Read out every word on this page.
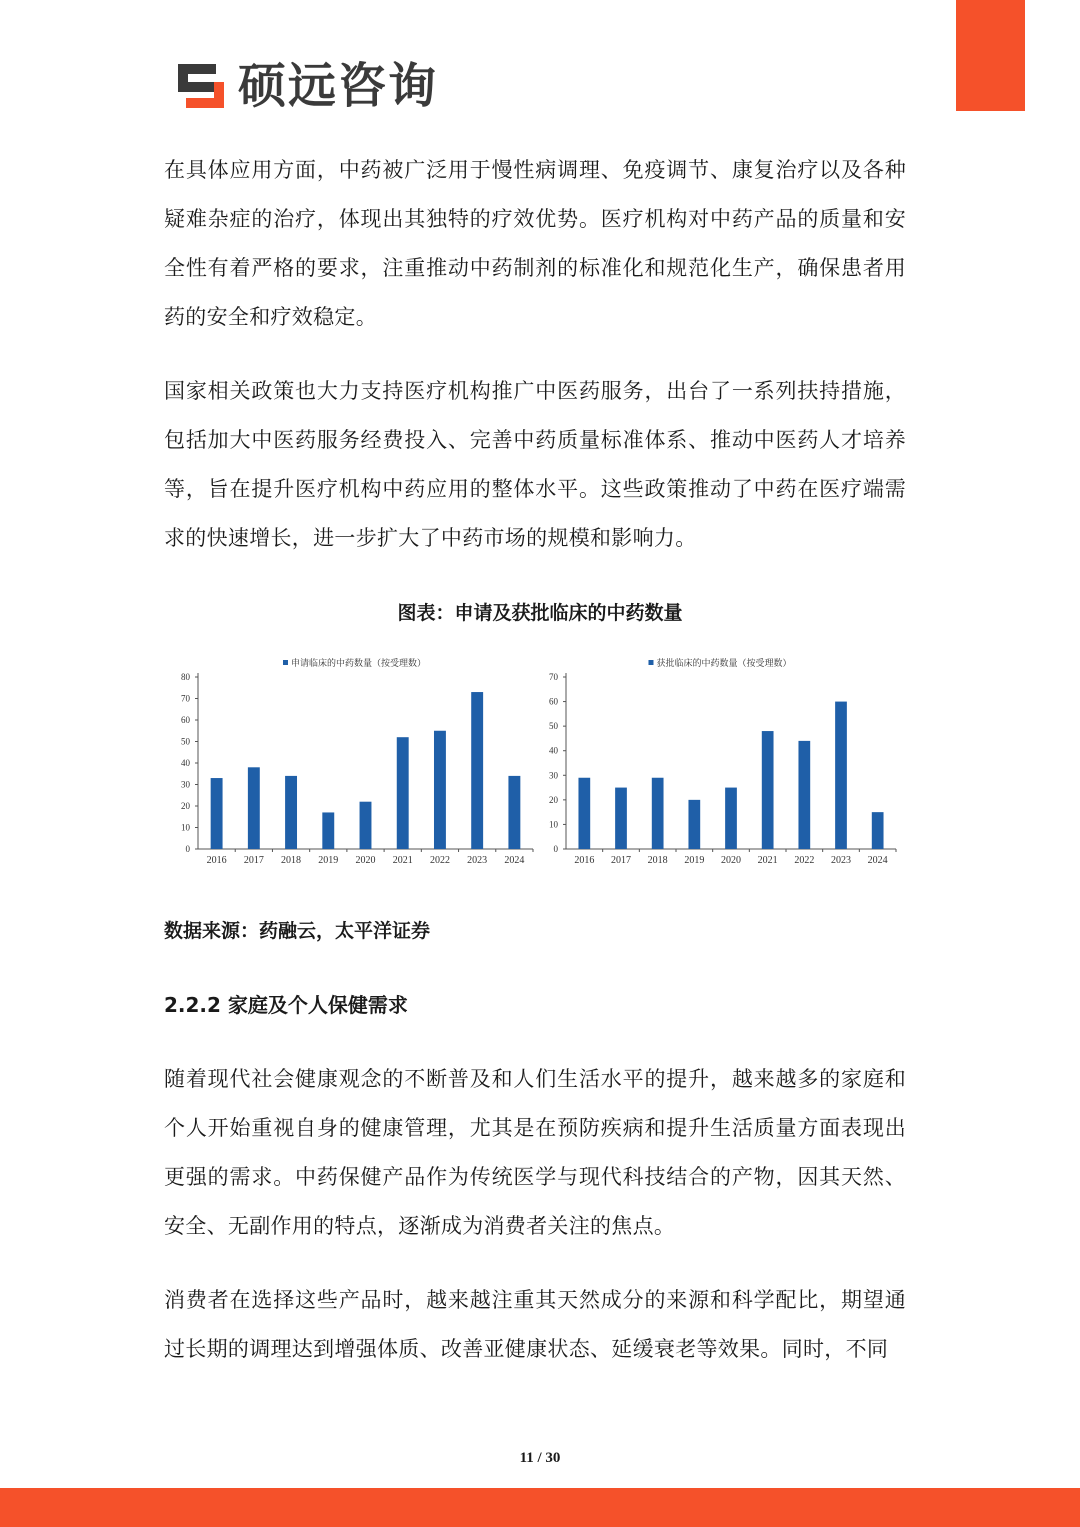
硕远咨询

在具体应用方面，中药被广泛用于慢性病调理、免疫调节、康复治疗以及各种疑难杂症的治疗，体现出其独特的疗效优势。医疗机构对中药产品的质量和安全性有着严格的要求，注重推动中药制剂的标准化和规范化生产，确保患者用药的安全和疗效稳定。

国家相关政策也大力支持医疗机构推广中医药服务，出台了一系列扶持措施，包括加大中医药服务经费投入、完善中药质量标准体系、推动中医药人才培养等，旨在提升医疗机构中药应用的整体水平。这些政策推动了中药在医疗端需求的快速增长，进一步扩大了中药市场的规模和影响力。

图表：申请及获批临床的中药数量
申请临床的中药数量（按受理数）
0
10
20
30
40
50
60
70
80
2016 2017 2018 2019 2020 2021 2022 2023 2024
获批临床的中药数量（按受理数）
0
10
20
30
40
50
60
70
2016 2017 2018 2019 2020 2021 2022 2023 2024

数据来源：药融云，太平洋证券

2.2.2 家庭及个人保健需求

随着现代社会健康观念的不断普及和人们生活水平的提升，越来越多的家庭和个人开始重视自身的健康管理，尤其是在预防疾病和提升生活质量方面表现出更强的需求。中药保健产品作为传统医学与现代科技结合的产物，因其天然、安全、无副作用的特点，逐渐成为消费者关注的焦点。

消费者在选择这些产品时，越来越注重其天然成分的来源和科学配比，期望通过长期的调理达到增强体质、改善亚健康状态、延缓衰老等效果。同时，不同

11 / 30
